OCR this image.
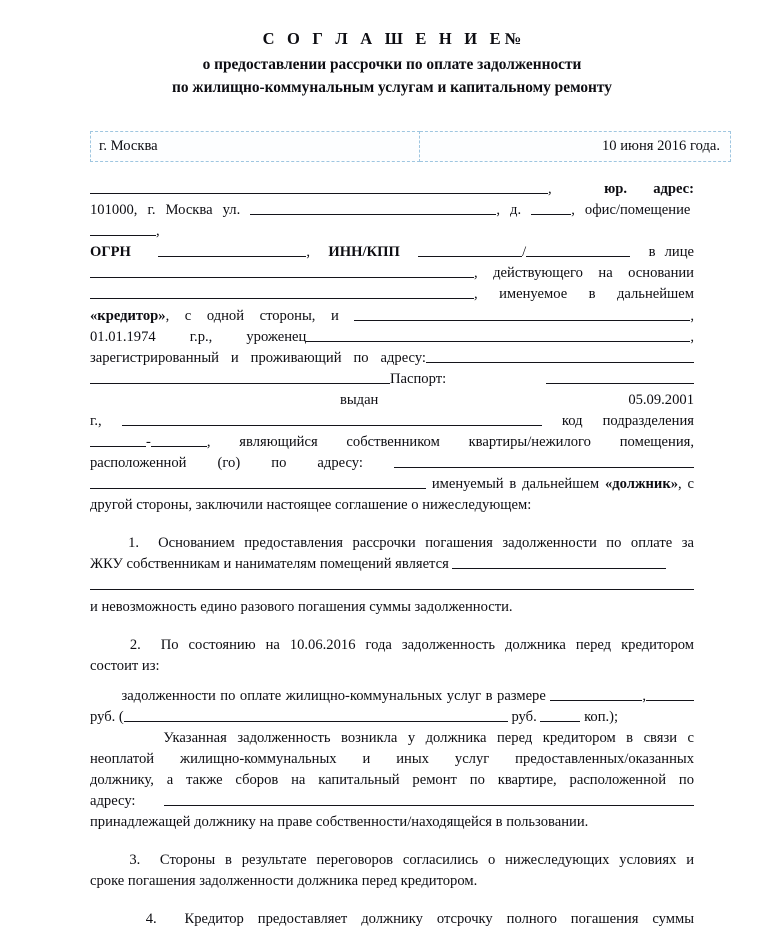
С О Г Л А Ш Е Н И Е№
о предоставлении рассрочки по оплате задолженности
по жилищно-коммунальным услугам и капитальному ремонту
г. Москва	10 июня 2016 года.

,  юр. адрес:

101000, г. Москва ул.	, д.	, офис/помещение ,

ОГРН	,  ИНН/КПП	/	в лице

, действующего на основании

, именуемое в дальнейшем

«кредитор», с одной стороны, и	,

01.01.1974 г.р., уроженец	,

зарегистрированный и проживающий по адресу:

Паспорт:  выдан 05.09.2001

г.,	код подразделения

-	, являющийся собственником квартиры/нежилого помещения,

расположенной (го) по адресу:

именуемый в дальнейшем «должник», с

другой стороны, заключили настоящее соглашение о нижеследующем:

1. Основанием предоставления рассрочки погашения задолженности по оплате за

ЖКУ собственникам и нанимателям помещений является

и невозможность едино разового погашения суммы задолженности.

2. По состоянию на 10.06.2016 года задолженность должника перед кредитором

состоит из:

задолженности по оплате жилищно-коммунальных услуг в размере	,

руб. (	руб.	коп.);

Указанная задолженность возникла у должника перед кредитором в связи с

неоплатой жилищно-коммунальных и иных услуг предоставленных/оказанных

должнику, а также сборов на капитальный ремонт по квартире, расположенной по

адресу:

принадлежащей должнику на праве собственности/находящейся в пользовании.

3. Стороны в результате переговоров согласились о нижеследующих условиях и

сроке погашения задолженности должника перед кредитором.

4. Кредитор предоставляет должнику отсрочку полного погашения суммы
